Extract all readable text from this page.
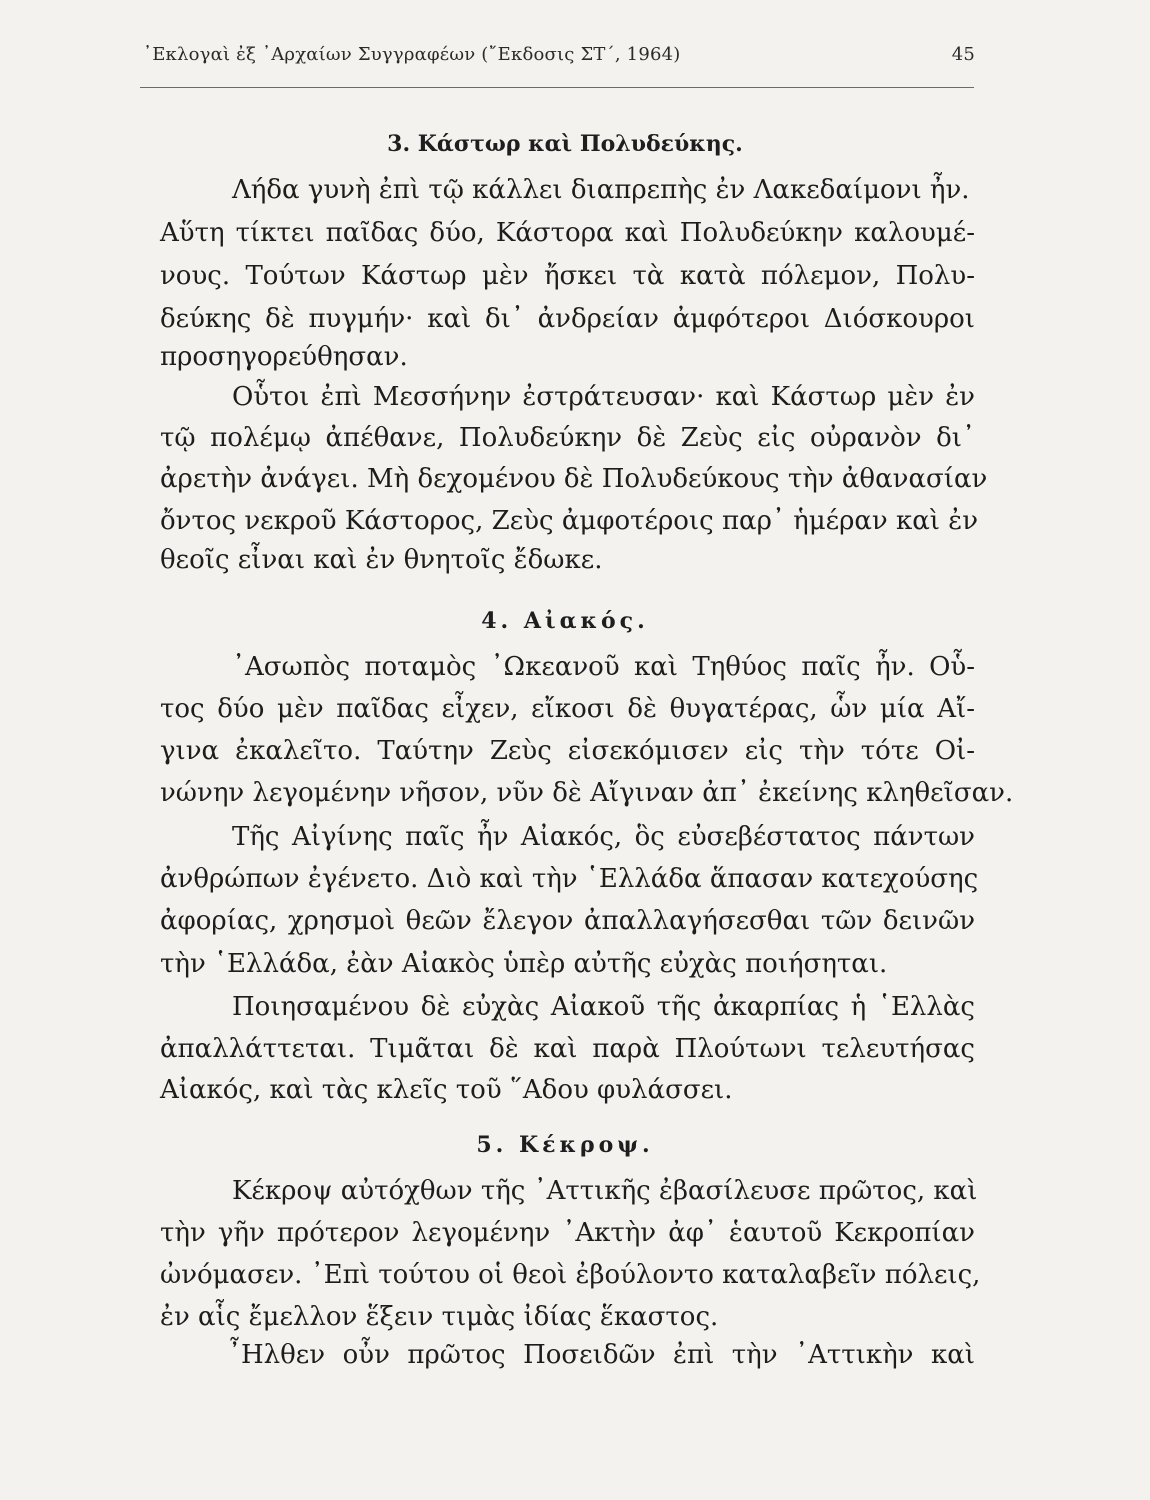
᾿Εκλογαὶ ἐξ ᾿Αρχαίων Συγγραφέων (῎Εκδοσις ΣΤ΄, 1964)	45
3. Κάστωρ καὶ Πολυδεύκης.
Λήδα γυνὴ ἐπὶ τῷ κάλλει διαπρεπὴς ἐν Λακεδαίμονι ἦν.
Αὕτη τίκτει παῖδας δύο, Κάστορα καὶ Πολυδεύκην καλουμέ-
νους. Τούτων Κάστωρ μὲν ἤσκει τὰ κατὰ πόλεμον, Πολυ-
δεύκης δὲ πυγμήν· καὶ δι᾿ ἀνδρείαν ἀμφότεροι Διόσκουροι
προσηγορεύθησαν.
Οὗτοι ἐπὶ Μεσσήνην ἐστράτευσαν· καὶ Κάστωρ μὲν ἐν
τῷ πολέμῳ ἀπέθανε, Πολυδεύκην δὲ Ζεὺς εἰς οὐρανὸν δι᾿
ἀρετὴν ἀνάγει. Μὴ δεχομένου δὲ Πολυδεύκους τὴν ἀθανασίαν
ὄντος νεκροῦ Κάστορος, Ζεὺς ἀμφοτέροις παρ᾿ ἡμέραν καὶ ἐν
θεοῖς εἶναι καὶ ἐν θνητοῖς ἔδωκε.
4. Αἰακός.
᾿Ασωπὸς ποταμὸς ᾿Ωκεανοῦ καὶ Τηθύος παῖς ἦν. Οὗ-
τος δύο μὲν παῖδας εἶχεν, εἴκοσι δὲ θυγατέρας, ὧν μία Αἴ-
γινα ἐκαλεῖτο. Ταύτην Ζεὺς εἰσεκόμισεν εἰς τὴν τότε Οἰ-
νώνην λεγομένην νῆσον, νῦν δὲ Αἴγιναν ἀπ᾿ ἐκείνης κληθεῖσαν.
Τῆς Αἰγίνης παῖς ἦν Αἰακός, ὃς εὐσεβέστατος πάντων
ἀνθρώπων ἐγένετο. Διὸ καὶ τὴν ῾Ελλάδα ἅπασαν κατεχούσης
ἀφορίας, χρησμοὶ θεῶν ἔλεγον ἀπαλλαγήσεσθαι τῶν δεινῶν
τὴν ῾Ελλάδα, ἐὰν Αἰακὸς ὑπὲρ αὐτῆς εὐχὰς ποιήσηται.
Ποιησαμένου δὲ εὐχὰς Αἰακοῦ τῆς ἀκαρπίας ἡ ῾Ελλὰς
ἀπαλλάττεται. Τιμᾶται δὲ καὶ παρὰ Πλούτωνι τελευτήσας
Αἰακός, καὶ τὰς κλεῖς τοῦ ῞Αδου φυλάσσει.
5. Κέκροψ.
Κέκροψ αὐτόχθων τῆς ᾿Αττικῆς ἐβασίλευσε πρῶτος, καὶ
τὴν γῆν πρότερον λεγομένην ᾿Ακτὴν ἀφ᾿ ἑαυτοῦ Κεκροπίαν
ὠνόμασεν. ᾿Επὶ τούτου οἱ θεοὶ ἐβούλοντο καταλαβεῖν πόλεις,
ἐν αἷς ἔμελλον ἕξειν τιμὰς ἰδίας ἕκαστος.
῏Ηλθεν οὖν πρῶτος Ποσειδῶν ἐπὶ τὴν ᾿Αττικὴν καὶ
